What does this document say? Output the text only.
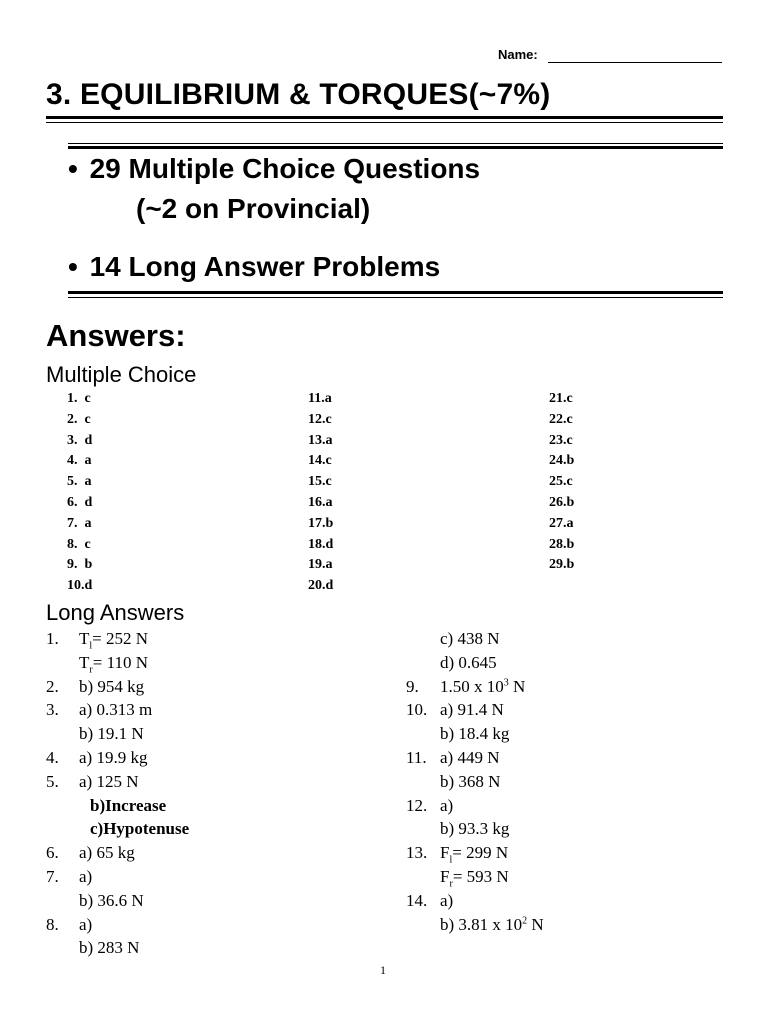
Name:
3. EQUILIBRIUM & TORQUES(~7%)
• 29 Multiple Choice Questions
(~2 on Provincial)
• 14 Long Answer Problems
Answers:
Multiple Choice
1.  c
2.  c
3.  d
4.  a
5.  a
6.  d
7.  a
8.  c
9.  b
10.d
11.a
12.c
13.a
14.c
15.c
16.a
17.b
18.d
19.a
20.d
21.c
22.c
23.c
24.b
25.c
26.b
27.a
28.b
29.b
Long Answers
1. $T_l= 252$ N
$T_r= 110$ N
2. b) 954 kg
3. a) 0.313 m
b) 19.1 N
4. a) 19.9 kg
5. a) 125 N
b)Increase
c)Hypotenuse
6. a) 65 kg
7. a)
b) 36.6 N
8. a)
b) 283 N
c) 438 N
d) 0.645
9. 1.50 x $10^3$ N
10. a) 91.4 N
b) 18.4 kg
11. a) 449 N
b) 368 N
12. a)
b) 93.3 kg
13. $F_l= 299$ N
$F_r= 593$ N
14. a)
b) 3.81 x $10^2$ N
1
